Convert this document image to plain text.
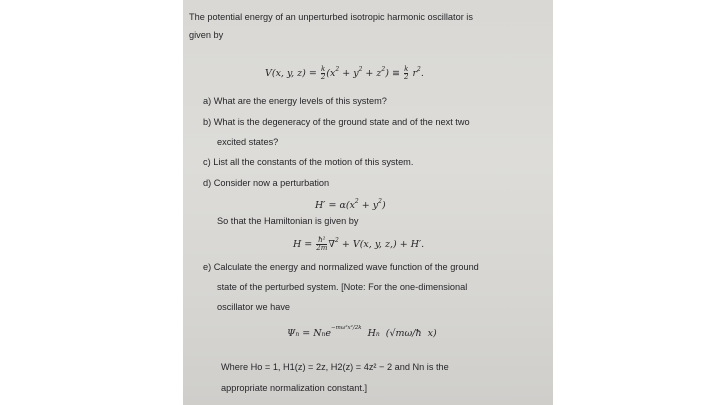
The potential energy of an unperturbed isotropic harmonic oscillator is
given by
V(x, y, $z) = \frac{k}{2} (x^2 + y^2 + z^2) \equiv \frac{k}{2} r^2$.
a) What are the energy levels of this system?
b) What is the degeneracy of the ground state and of the next two
excited states?
c) List all the constants of the motion of this system.
d) Consider now a perturbation
$H' = \alpha(x^2 + y^2)$
So that the Hamiltonian is given by
$H = \frac{\text{ħ²}}{2m} \nabla^2 + V(x$, y, z,) + H′.
e) Calculate the energy and normalized wave function of the ground
state of the perturbed system. [Note: For the one-dimensional
oscillator we have
Ψn = Nne$^{-m\omega^2x^2/2k}$  Hn  (√mω/ħ  x)
Where Ho = 1, H1(z) = 2z, H2(z) = 4z² − 2 and Nn is the
appropriate normalization constant.]
